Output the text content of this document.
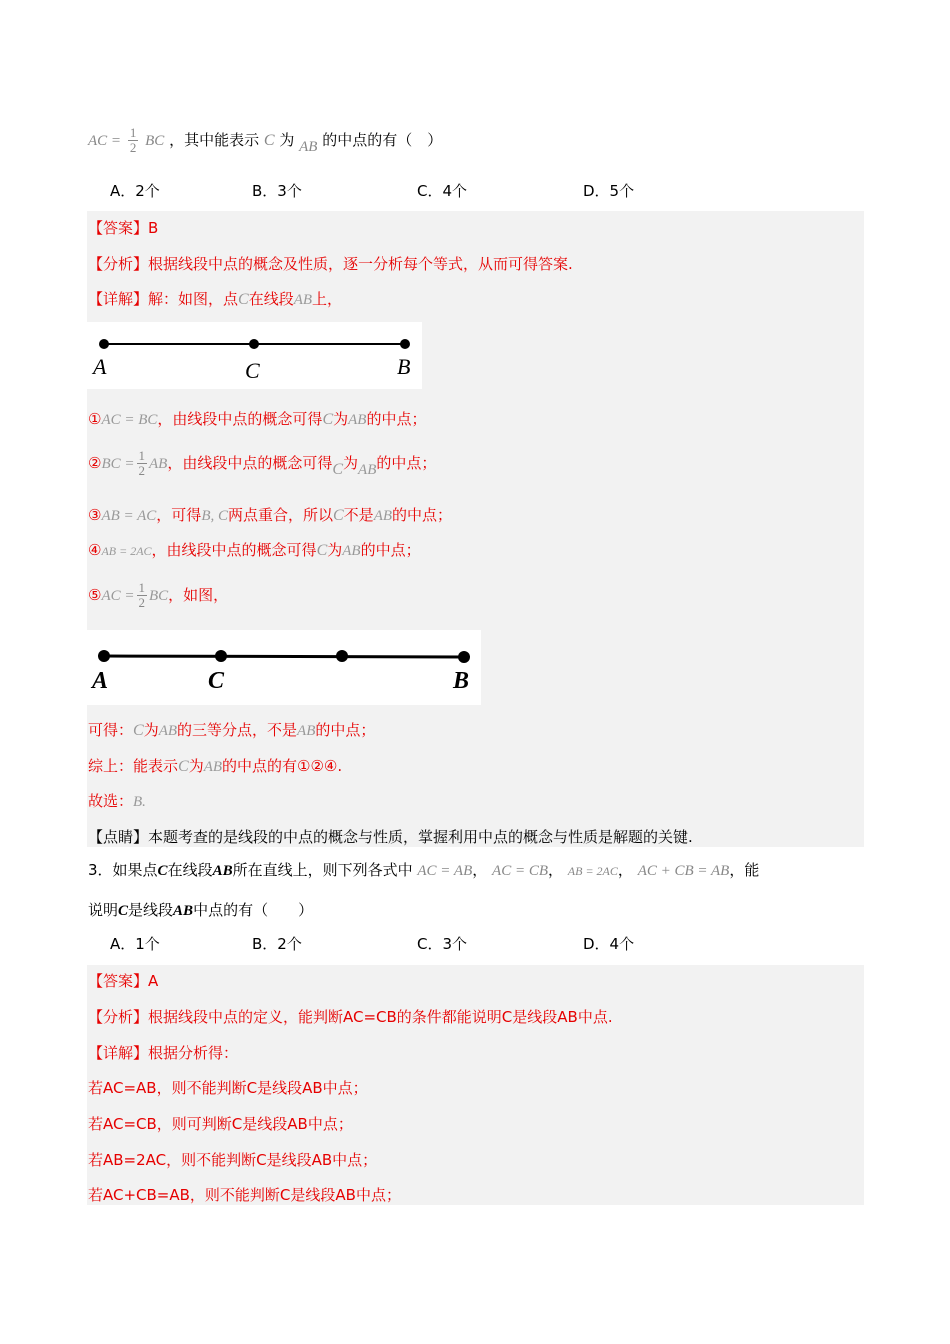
AC = $\frac{1}{2}$ BC ，其中能表示 C 为 AB 的中点的有（　）
A．2个	B．3个	C．4个	D．5个
【答案】B
【分析】根据线段中点的概念及性质，逐一分析每个等式，从而可得答案.
【详解】解：如图，点C在线段AB上，
A	C	B
①AC = BC，由线段中点的概念可得C为AB的中点；
②BC = $\frac{1}{2}$ AB，由线段中点的概念可得C为AB的中点；
③AB = AC，可得B, C两点重合，所以C不是AB的中点；
④AB = 2AC，由线段中点的概念可得C为AB的中点；
⑤AC = $\frac{1}{2}$ BC，如图，
A	C	B
可得：C为AB的三等分点，不是AB的中点；
综上：能表示C为AB的中点的有①②④.
故选：B.
【点睛】本题考查的是线段的中点的概念与性质，掌握利用中点的概念与性质是解题的关键.
3．如果点C在线段AB所在直线上，则下列各式中 AC = AB， AC = CB， AB = 2AC， AC + CB = AB，能
说明C是线段AB中点的有（　　）
A．1个	B．2个	C．3个	D．4个
【答案】A
【分析】根据线段中点的定义，能判断AC=CB的条件都能说明C是线段AB中点.
【详解】根据分析得：
若AC=AB，则不能判断C是线段AB中点；
若AC=CB，则可判断C是线段AB中点；
若AB=2AC，则不能判断C是线段AB中点；
若AC+CB=AB，则不能判断C是线段AB中点；
